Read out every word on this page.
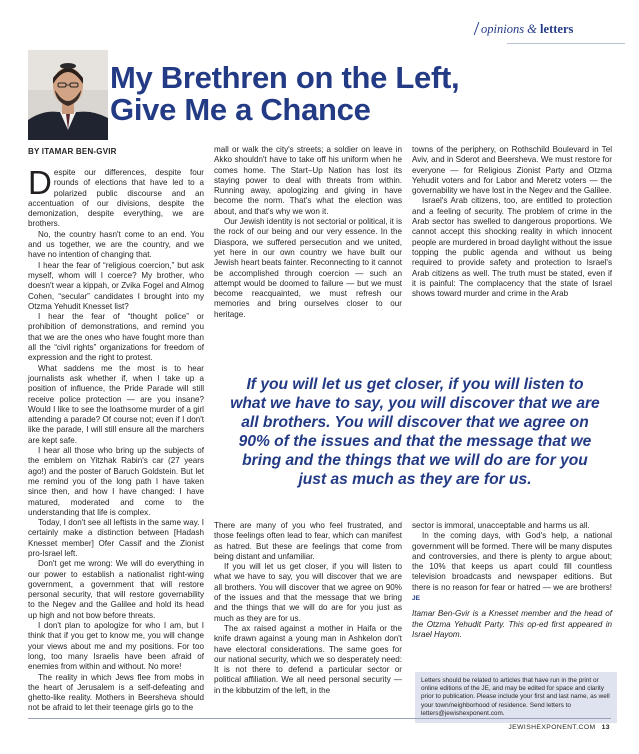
opinions & letters
My Brethren on the Left,
Give Me a Chance
BY ITAMAR BEN-GVIR

Despite our differences, despite four rounds of elections that have led to a polarized public discourse and an accentuation of our divisions, despite the demonization, despite everything, we are brothers.

No, the country hasn't come to an end. You and us together, we are the country, and we have no intention of changing that.

I hear the fear of “religious coercion,” but ask myself, whom will I coerce? My brother, who doesn't wear a kippah, or Zvika Fogel and Almog Cohen, “secular” candidates I brought into my Otzma Yehudit Knesset list?

I hear the fear of “thought police” or prohibition of demonstrations, and remind you that we are the ones who have fought more than all the “civil rights” organizations for freedom of expression and the right to protest.

What saddens me the most is to hear journalists ask whether if, when I take up a position of influence, the Pride Parade will still receive police protection — are you insane? Would I like to see the loathsome murder of a girl attending a parade? Of course not; even if I don't like the parade, I will still ensure all the marchers are kept safe.

I hear all those who bring up the subjects of the emblem on Yitzhak Rabin's car (27 years ago!) and the poster of Baruch Goldstein. But let me remind you of the long path I have taken since then, and how I have changed: I have matured, moderated and come to the understanding that life is complex.

Today, I don't see all leftists in the same way. I certainly make a distinction between [Hadash Knesset member] Ofer Cassif and the Zionist pro-Israel left.

Don't get me wrong: We will do everything in our power to establish a nationalist right-wing government, a government that will restore personal security, that will restore governability to the Negev and the Galilee and hold its head up high and not bow before threats.

I don't plan to apologize for who I am, but I think that if you get to know me, you will change your views about me and my positions. For too long, too many Israelis have been afraid of enemies from within and without. No more!

The reality in which Jews flee from mobs in the heart of Jerusalem is a self-defeating and ghetto-like reality. Mothers in Beersheva should not be afraid to let their teenage girls go to the

mall or walk the city's streets; a soldier on leave in Akko shouldn't have to take off his uniform when he comes home. The Start–Up Nation has lost its staying power to deal with threats from within. Running away, apologizing and giving in have become the norm. That's what the election was about, and that's why we won it.

Our Jewish identity is not sectorial or political, it is the rock of our being and our very essence. In the Diaspora, we suffered persecution and we united, yet here in our own country we have built our Jewish heart beats fainter. Reconnecting to it cannot be accomplished through coercion — such an attempt would be doomed to failure — but we must become reacquainted, we must refresh our memories and bring ourselves closer to our heritage.

towns of the periphery, on Rothschild Boulevard in Tel Aviv, and in Sderot and Beersheva. We must restore for everyone — for Religious Zionist Party and Otzma Yehudit voters and for Labor and Meretz voters — the governability we have lost in the Negev and the Galilee.

Israel's Arab citizens, too, are entitled to protection and a feeling of security. The problem of crime in the Arab sector has swelled to dangerous proportions. We cannot accept this shocking reality in which innocent people are murdered in broad daylight without the issue topping the public agenda and without us being required to provide safety and protection to Israel's Arab citizens as well. The truth must be stated, even if it is painful: The complacency that the state of Israel shows toward murder and crime in the Arab

If you will let us get closer, if you will listen to
what we have to say, you will discover that we are
all brothers. You will discover that we agree on
90% of the issues and that the message that we
bring and the things that we will do are for you
just as much as they are for us.

There are many of you who feel frustrated, and those feelings often lead to fear, which can manifest as hatred. But these are feelings that come from being distant and unfamiliar.

If you will let us get closer, if you will listen to what we have to say, you will discover that we are all brothers. You will discover that we agree on 90% of the issues and that the message that we bring and the things that we will do are for you just as much as they are for us.

The ax raised against a mother in Haifa or the knife drawn against a young man in Ashkelon don't have electoral considerations. The same goes for our national security, which we so desperately need: It is not there to defend a particular sector or political affiliation. We all need personal security — in the kibbutzim of the left, in the

sector is immoral, unacceptable and harms us all.

In the coming days, with God's help, a national government will be formed. There will be many disputes and controversies, and there is plenty to argue about; the 10% that keeps us apart could fill countless television broadcasts and newspaper editions. But there is no reason for fear or hatred — we are brothers! JE

Itamar Ben-Gvir is a Knesset member and the head of the Otzma Yehudit Party. This op-ed first appeared in Israel Hayom.

Letters should be related to articles that have run in the print or online editions of the JE, and may be edited for space and clarity prior to publication. Please include your first and last name, as well your town/neighborhood of residence. Send letters to letters@jewishexponent.com.
JEWISHEXPONENT.COM 13
